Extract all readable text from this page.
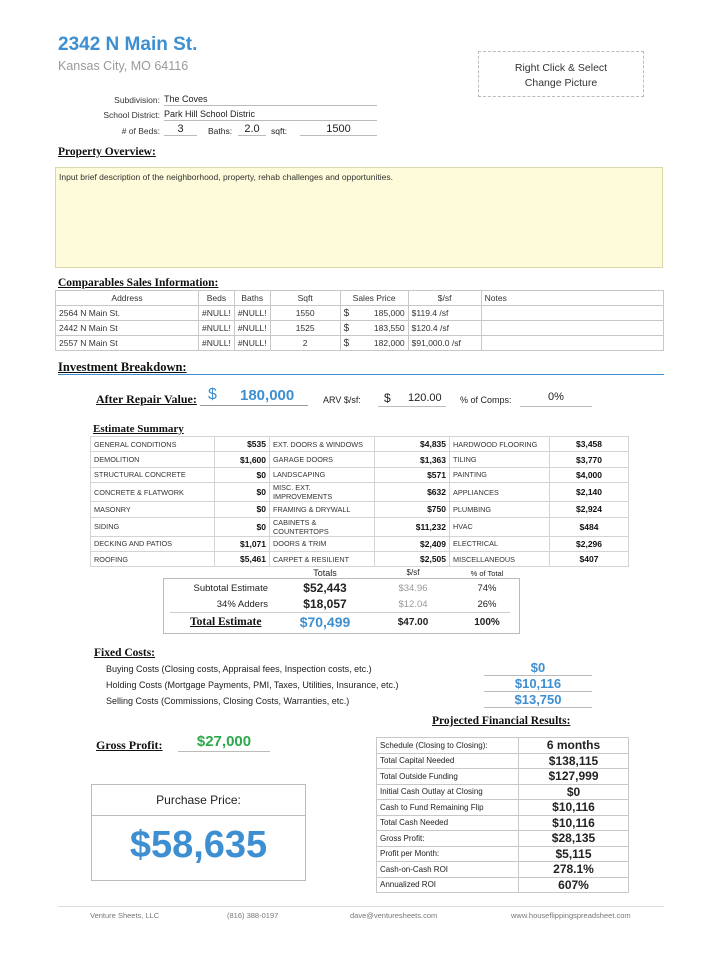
2342 N Main St.
Kansas City, MO 64116	Right Click & Select
Change Picture
Subdivision: The Coves
School District: Park Hill School Distric
# of Beds:	3	Baths:	2.0	sqft:	1500
Property Overview:
Input brief description of the neighborhood, property, rehab challenges and opportunities.
Comparables Sales Information:
Address	Beds	Baths	Sqft	Sales Price		$/sf	Notes
2564 N Main St.	#NULL!	#NULL!	1550	$	185,000	$119.4 /sf	
2442 N Main St	#NULL!	#NULL!	1525	$	183,550	$120.4 /sf	
2557 N Main St	#NULL!	#NULL!	2	$	182,000	$91,000.0 /sf	
Investment Breakdown:
After Repair Value: $ 180,000	ARV $/sf: $ 120.00 % of Comps:	0%
Estimate Summary
GENERAL CONDITIONS	$535	EXT. DOORS & WINDOWS	$4,835	HARDWOOD FLOORING	$3,458
DEMOLITION	$1,600	GARAGE DOORS	$1,363	TILING	$3,770
STRUCTURAL CONCRETE	$0	LANDSCAPING	$571	PAINTING	$4,000
CONCRETE & FLATWORK	$0	MISC. EXT. IMPROVEMENTS	$632	APPLIANCES	$2,140
MASONRY	$0	FRAMING & DRYWALL	$750	PLUMBING	$2,924
SIDING	$0	CABINETS & COUNTERTOPS	$11,232	HVAC	$484
DECKING AND PATIOS	$1,071	DOORS & TRIM	$2,409	ELECTRICAL	$2,296
ROOFING	$5,461	CARPET & RESILIENT	$2,505	MISCELLANEOUS	$407
Totals	$/sf	% of Total
Subtotal Estimate	$52,443	$34.96	74%
34% Adders	$18,057	$12.04	26%
Total Estimate	$70,499	$47.00	100%
Fixed Costs:
Buying Costs (Closing costs, Appraisal fees, Inspection costs, etc.)	$0
Holding Costs (Mortgage Payments, PMI, Taxes, Utilities, Insurance, etc.)	$10,116
Selling Costs (Commissions, Closing Costs, Warranties, etc.)	$13,750
Gross Profit:	$27,000
Purchase Price:
$58,635
Projected Financial Results:
Schedule (Closing to Closing):	6 months
Total Capital Needed	$138,115
Total Outside Funding	$127,999
Initial Cash Outlay at Closing	$0
Cash to Fund Remaining Flip	$10,116
Total Cash Needed	$10,116
Gross Profit:	$28,135
Profit per Month:	$5,115
Cash-on-Cash ROI	278.1%
Annualized ROI	607%
Venture Sheets, LLC	(816) 388-0197	dave@venturesheets.com	www.houseflippingspreadsheet.com
